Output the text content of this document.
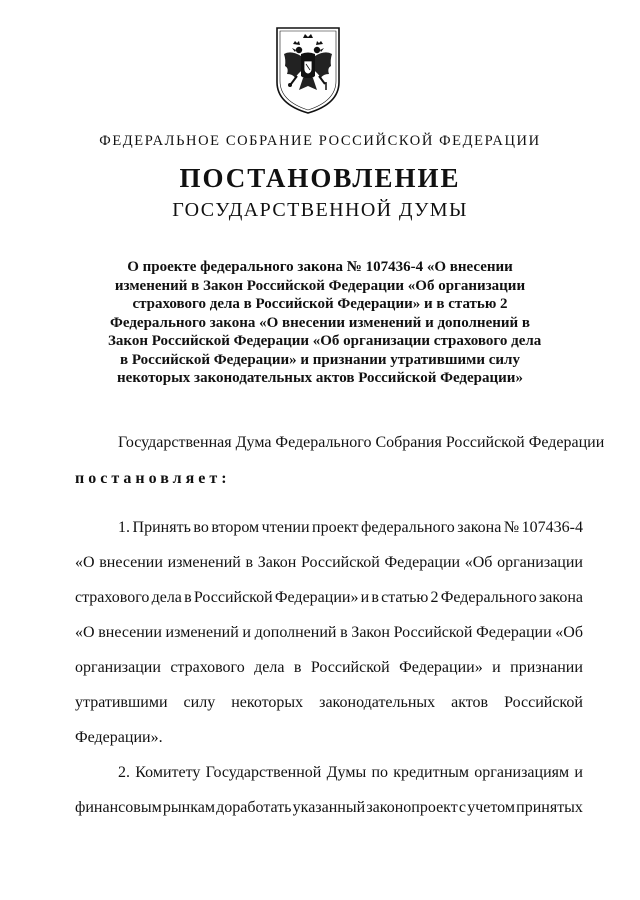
ФЕДЕРАЛЬНОЕ СОБРАНИЕ РОССИЙСКОЙ ФЕДЕРАЦИИ
ПОСТАНОВЛЕНИЕ
ГОСУДАРСТВЕННОЙ ДУМЫ
О проекте федерального закона № 107436-4 «О внесении
изменений в Закон Российской Федерации «Об организации
страхового дела в Российской Федерации» и в статью 2
Федерального закона «О внесении изменений и дополнений в
Закон Российской Федерации «Об организации страхового дела
в Российской Федерации» и признании утратившими силу
некоторых законодательных актов Российской Федерации»
Государственная Дума Федерального Собрания Российской Федерации
постановляет:
1. Принять во втором чтении проект федерального закона № 107436-4
«О внесении изменений в Закон Российской Федерации «Об организации
страхового дела в Российской Федерации» и в статью 2 Федерального закона
«О внесении изменений и дополнений в Закон Российской Федерации «Об
организации страхового дела в Российской Федерации» и признании
утратившими силу некоторых законодательных актов Российской
Федерации».
2. Комитету Государственной Думы по кредитным организациям и
финансовым рынкам доработать указанный законопроект с учетом принятых
